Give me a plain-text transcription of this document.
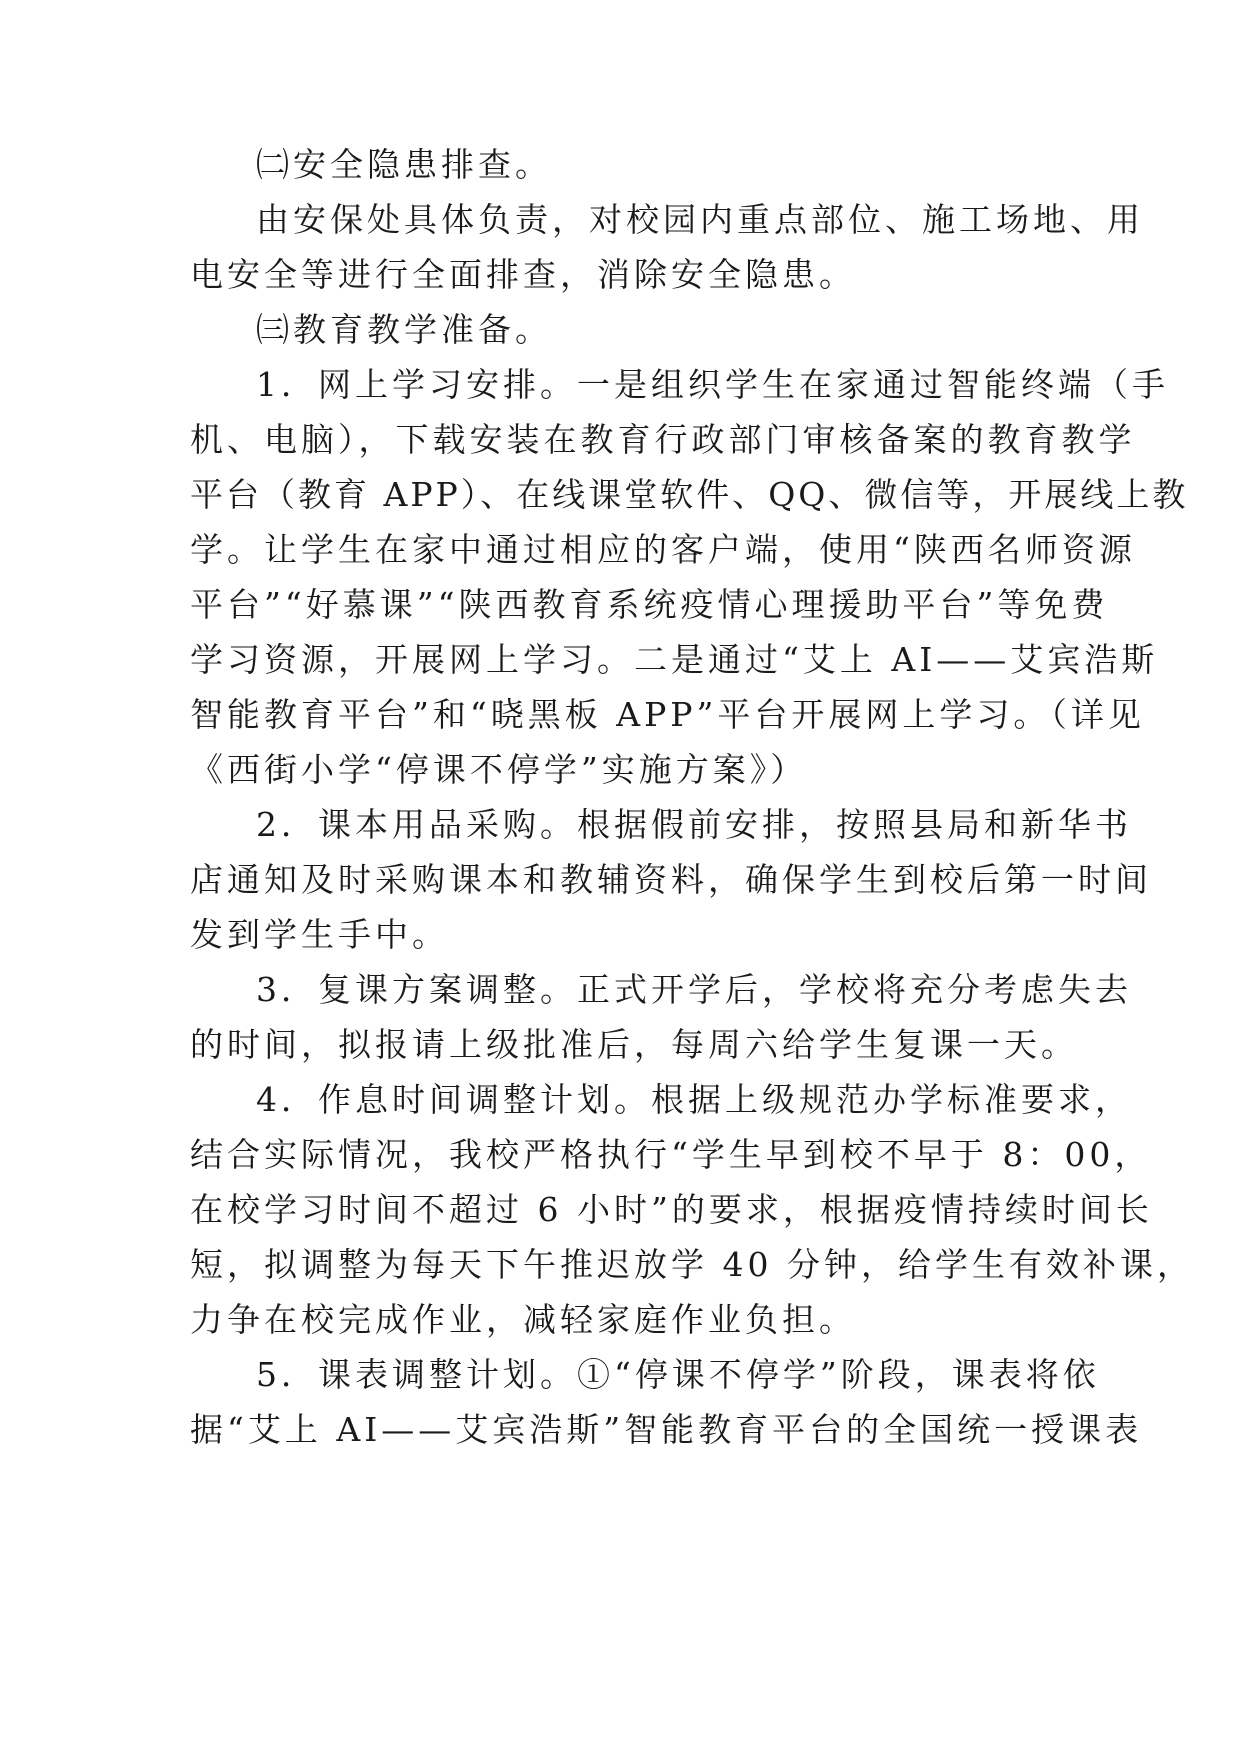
㈡安全隐患排查。
由安保处具体负责，对校园内重点部位、施工场地、用
电安全等进行全面排查，消除安全隐患。
㈢教育教学准备。
1．网上学习安排。一是组织学生在家通过智能终端（手
机、电脑），下载安装在教育行政部门审核备案的教育教学
平台（教育 APP）、在线课堂软件、QQ、微信等，开展线上教
学。让学生在家中通过相应的客户端，使用“陕西名师资源
平台”“好慕课”“陕西教育系统疫情心理援助平台”等免费
学习资源，开展网上学习。二是通过“艾上 AI——艾宾浩斯
智能教育平台”和“晓黑板 APP”平台开展网上学习。（详见
《西街小学“停课不停学”实施方案》）
2．课本用品采购。根据假前安排，按照县局和新华书
店通知及时采购课本和教辅资料，确保学生到校后第一时间
发到学生手中。
3．复课方案调整。正式开学后，学校将充分考虑失去
的时间，拟报请上级批准后，每周六给学生复课一天。
4．作息时间调整计划。根据上级规范办学标准要求，
结合实际情况，我校严格执行“学生早到校不早于 8：00，
在校学习时间不超过 6 小时”的要求，根据疫情持续时间长
短，拟调整为每天下午推迟放学 40 分钟，给学生有效补课，
力争在校完成作业，减轻家庭作业负担。
5．课表调整计划。①“停课不停学”阶段，课表将依
据“艾上 AI——艾宾浩斯”智能教育平台的全国统一授课表
